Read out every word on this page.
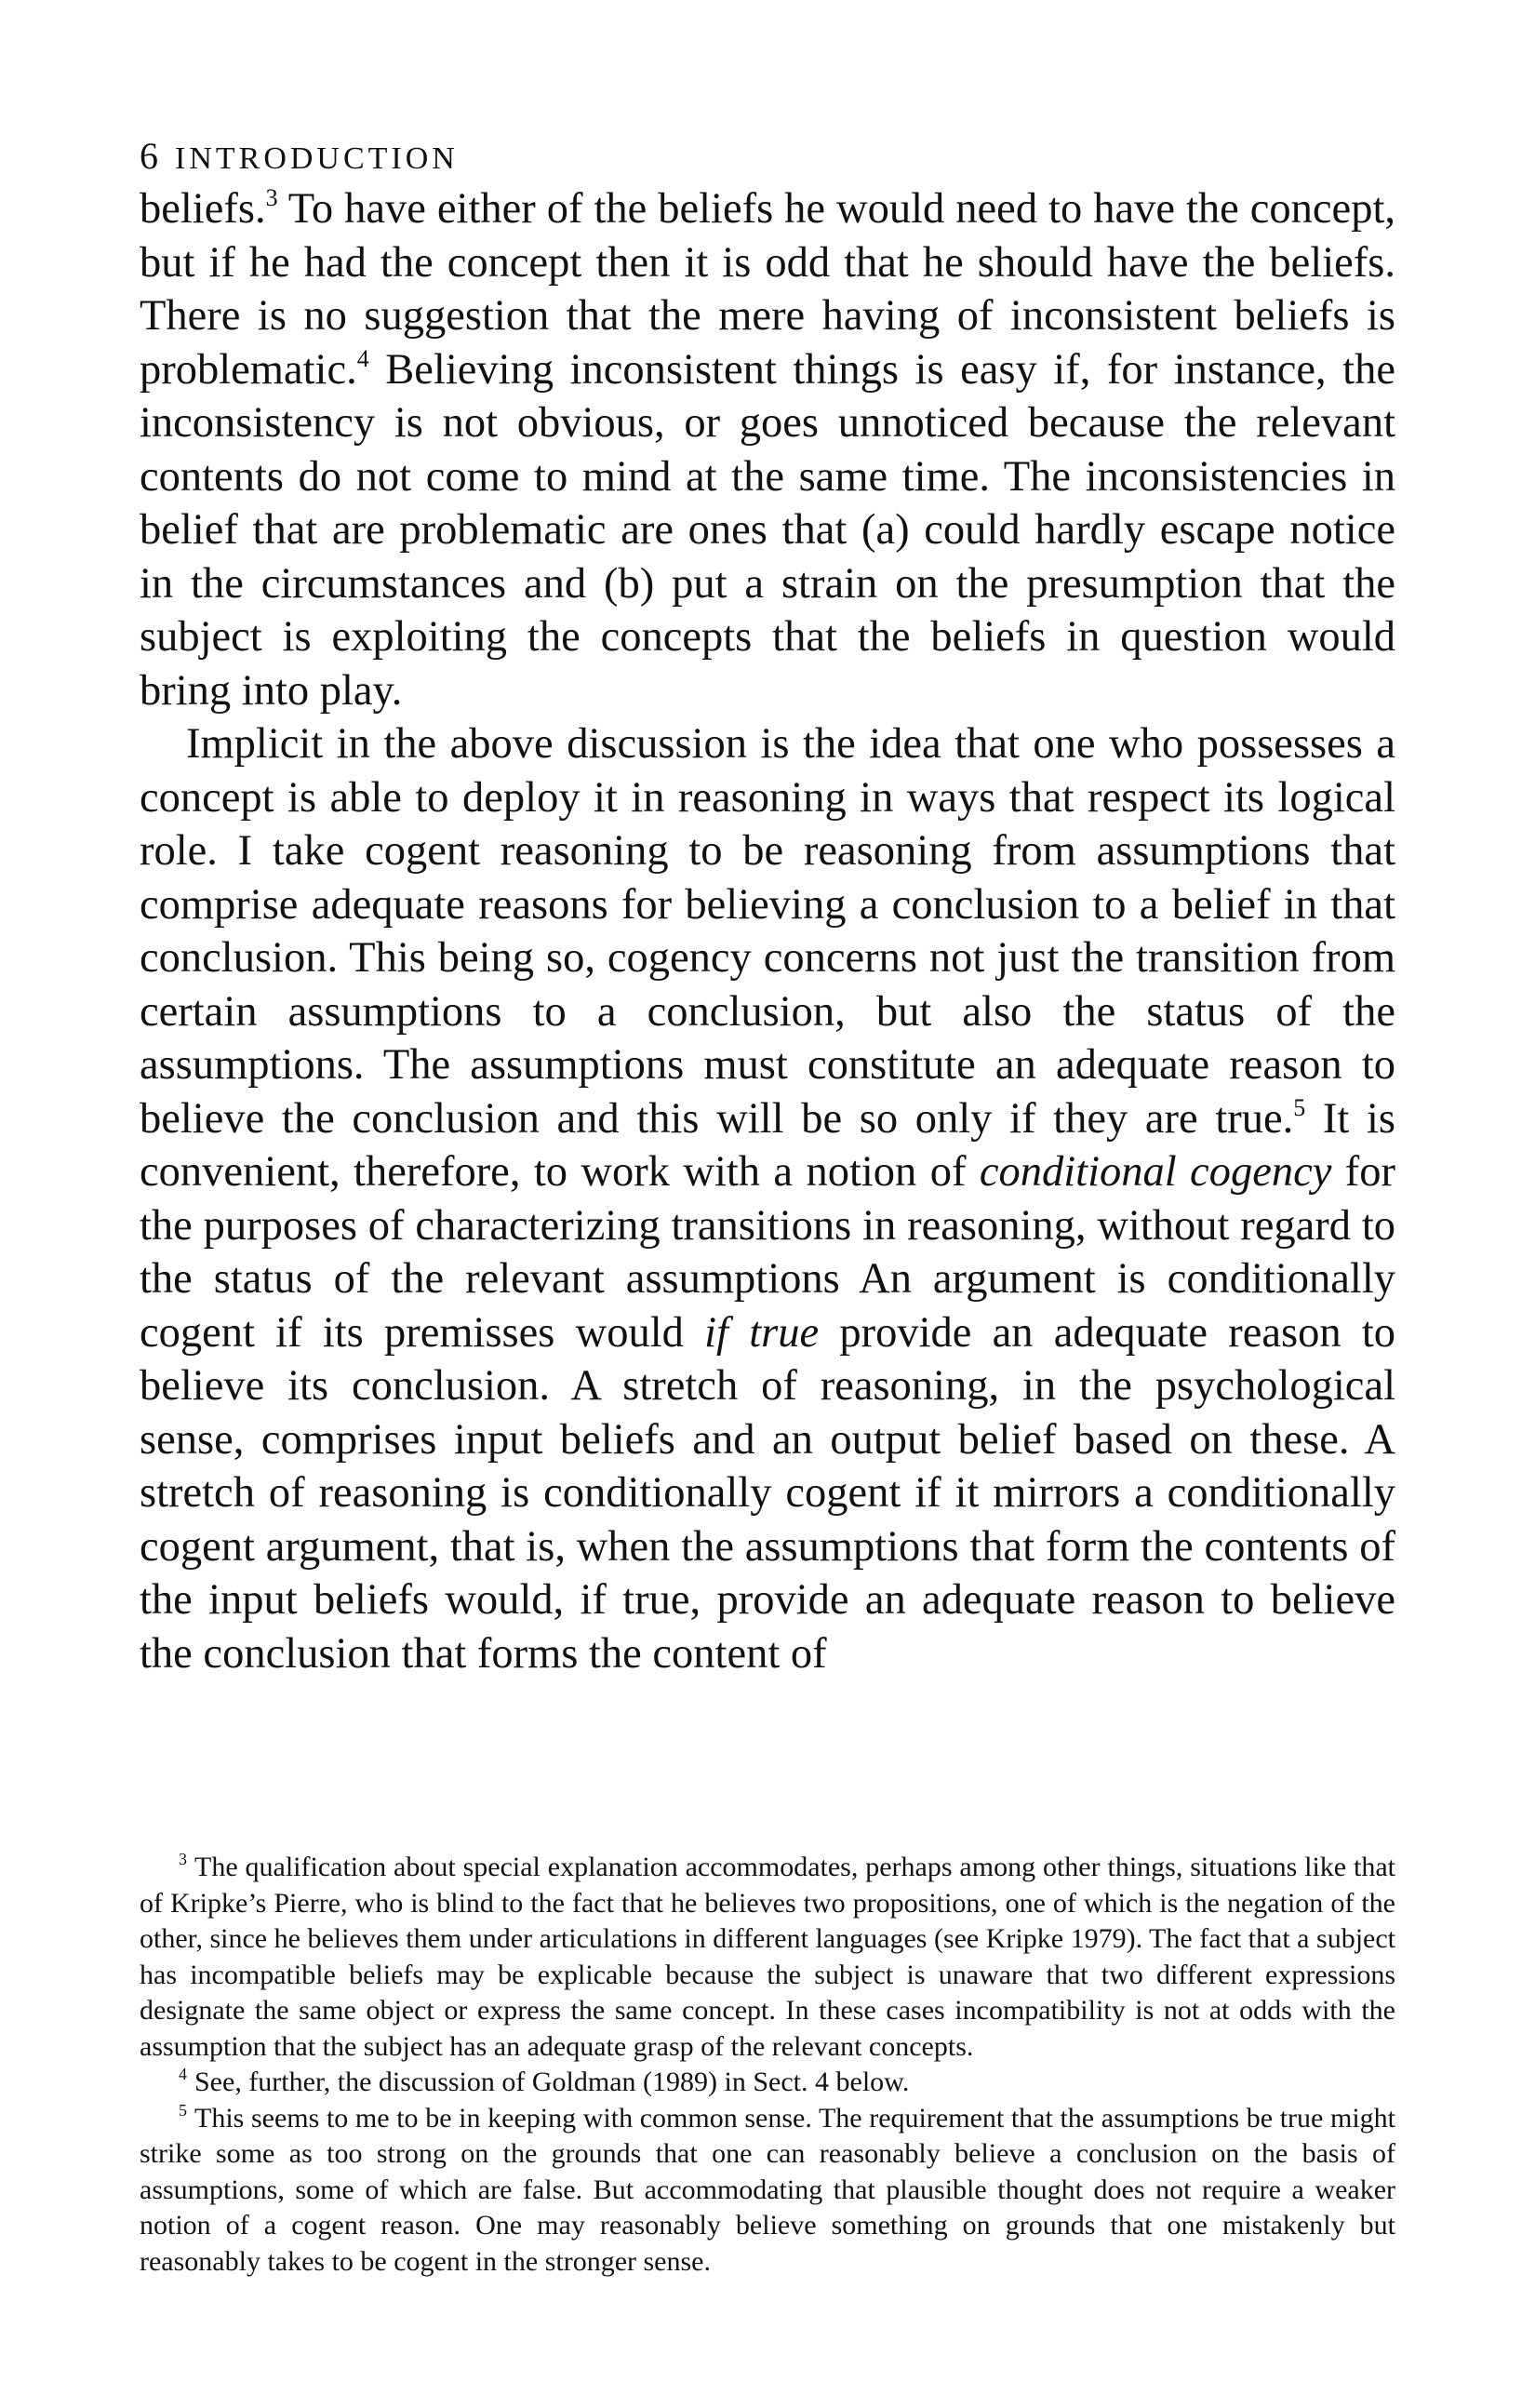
6 INTRODUCTION

beliefs.$^3$ To have either of the beliefs he would need to have the concept, but if he had the concept then it is odd that he should have the beliefs. There is no suggestion that the mere having of inconsistent beliefs is problematic.$^4$ Believing inconsistent things is easy if, for instance, the inconsistency is not obvious, or goes unnoticed because the relevant contents do not come to mind at the same time. The inconsistencies in belief that are problematic are ones that (a) could hardly escape notice in the circumstances and (b) put a strain on the presumption that the subject is exploiting the concepts that the beliefs in question would bring into play.

Implicit in the above discussion is the idea that one who possesses a concept is able to deploy it in reasoning in ways that respect its logical role. I take cogent reasoning to be reasoning from assumptions that comprise adequate reasons for believing a conclusion to a belief in that conclusion. This being so, cogency concerns not just the transition from certain assumptions to a conclusion, but also the status of the assumptions. The assumptions must constitute an adequate reason to believe the conclusion and this will be so only if they are true.$^5$ It is convenient, therefore, to work with a notion of conditional cogency for the purposes of characterizing transitions in reasoning, without regard to the status of the relevant assumptions An argument is conditionally cogent if its premisses would if true provide an adequate reason to believe its conclusion. A stretch of reasoning, in the psychological sense, comprises input beliefs and an output belief based on these. A stretch of reasoning is conditionally cogent if it mirrors a conditionally cogent argument, that is, when the assumptions that form the contents of the input beliefs would, if true, provide an adequate reason to believe the conclusion that forms the content of

$^3$ The qualification about special explanation accommodates, perhaps among other things, situations like that of Kripke’s Pierre, who is blind to the fact that he believes two propositions, one of which is the negation of the other, since he believes them under articulations in different languages (see Kripke 1979). The fact that a subject has incompatible beliefs may be explicable because the subject is unaware that two different expressions designate the same object or express the same concept. In these cases incompatibility is not at odds with the assumption that the subject has an adequate grasp of the relevant concepts.

$^4$ See, further, the discussion of Goldman (1989) in Sect. 4 below.

$^5$ This seems to me to be in keeping with common sense. The requirement that the assumptions be true might strike some as too strong on the grounds that one can reasonably believe a conclusion on the basis of assumptions, some of which are false. But accommodating that plausible thought does not require a weaker notion of a cogent reason. One may reasonably believe something on grounds that one mistakenly but reasonably takes to be cogent in the stronger sense.
